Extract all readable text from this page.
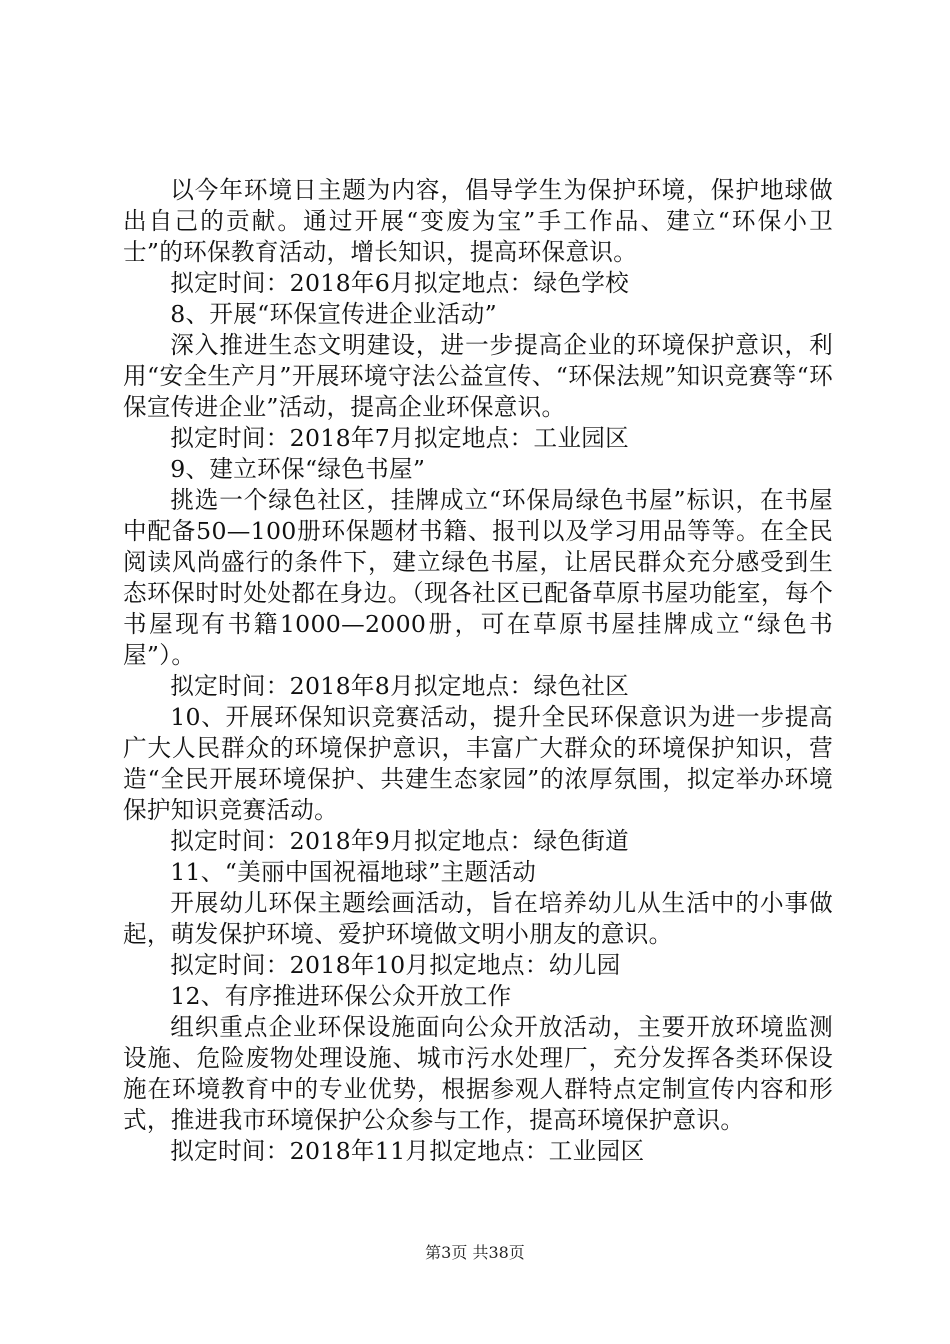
以今年环境日主题为内容，倡导学生为保护环境，保护地球做出自己的贡献。通过开展“变废为宝”手工作品、建立“环保小卫士”的环保教育活动，增长知识，提高环保意识。

拟定时间：2018年6月拟定地点：绿色学校

8、开展“环保宣传进企业活动”

深入推进生态文明建设，进一步提高企业的环境保护意识，利用“安全生产月”开展环境守法公益宣传、“环保法规”知识竞赛等“环保宣传进企业”活动，提高企业环保意识。

拟定时间：2018年7月拟定地点：工业园区

9、建立环保“绿色书屋”

挑选一个绿色社区，挂牌成立“环保局绿色书屋”标识，在书屋中配备50—100册环保题材书籍、报刊以及学习用品等等。在全民阅读风尚盛行的条件下，建立绿色书屋，让居民群众充分感受到生态环保时时处处都在身边。（现各社区已配备草原书屋功能室，每个书屋现有书籍1000—2000册，可在草原书屋挂牌成立“绿色书屋”）。

拟定时间：2018年8月拟定地点：绿色社区

10、开展环保知识竞赛活动，提升全民环保意识为进一步提高广大人民群众的环境保护意识，丰富广大群众的环境保护知识，营造“全民开展环境保护、共建生态家园”的浓厚氛围，拟定举办环境保护知识竞赛活动。

拟定时间：2018年9月拟定地点：绿色街道

11、“美丽中国祝福地球”主题活动

开展幼儿环保主题绘画活动，旨在培养幼儿从生活中的小事做起，萌发保护环境、爱护环境做文明小朋友的意识。

拟定时间：2018年10月拟定地点：幼儿园

12、有序推进环保公众开放工作

组织重点企业环保设施面向公众开放活动，主要开放环境监测设施、危险废物处理设施、城市污水处理厂，充分发挥各类环保设施在环境教育中的专业优势，根据参观人群特点定制宣传内容和形式，推进我市环境保护公众参与工作，提高环境保护意识。

拟定时间：2018年11月拟定地点：工业园区

第3页 共38页
